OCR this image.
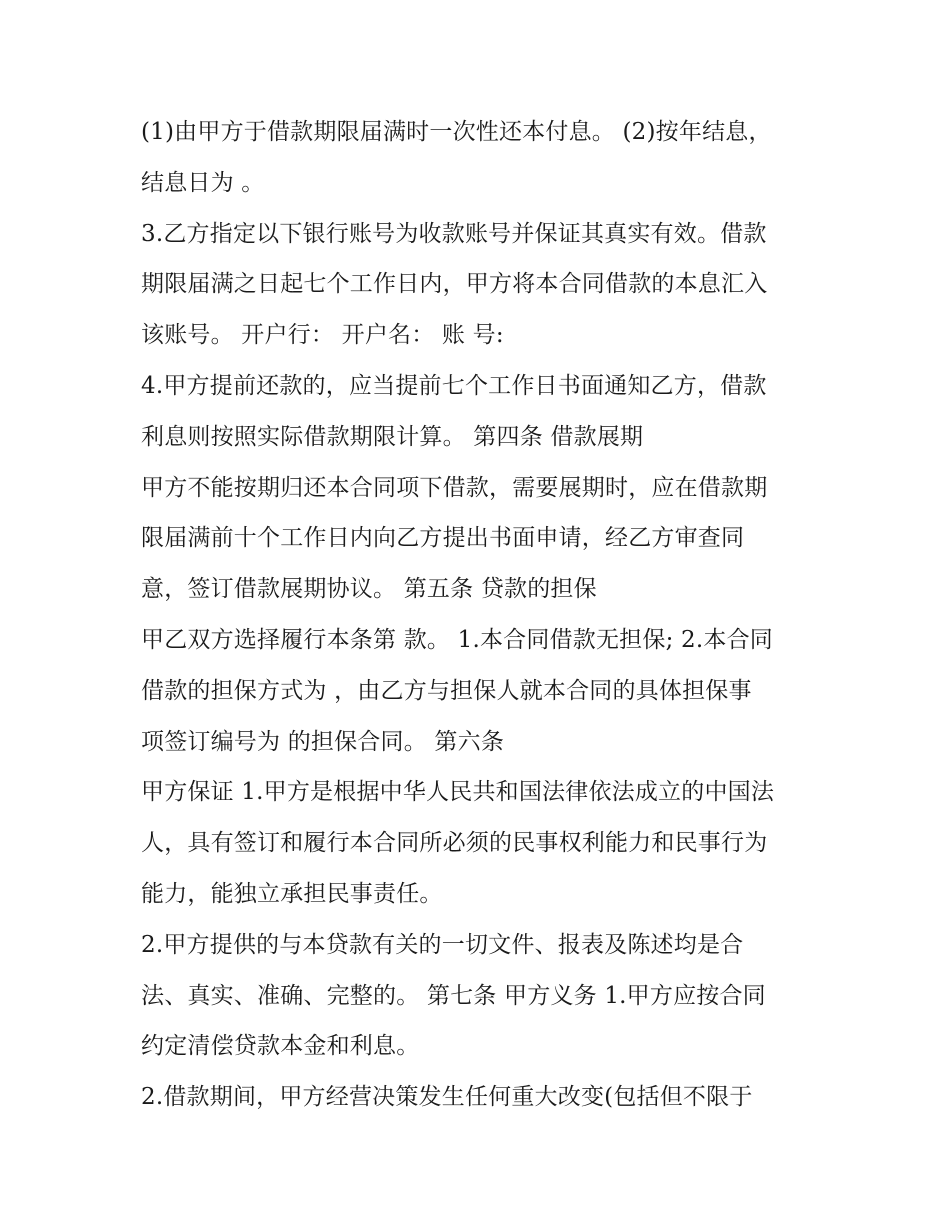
(1)由甲方于借款期限届满时一次性还本付息。 (2)按年结息，
结息日为 。
3.乙方指定以下银行账号为收款账号并保证其真实有效。借款
期限届满之日起七个工作日内，甲方将本合同借款的本息汇入
该账号。 开户行： 开户名： 账 号:
4.甲方提前还款的，应当提前七个工作日书面通知乙方，借款
利息则按照实际借款期限计算。 第四条 借款展期
甲方不能按期归还本合同项下借款，需要展期时，应在借款期
限届满前十个工作日内向乙方提出书面申请，经乙方审查同
意，签订借款展期协议。 第五条 贷款的担保
甲乙双方选择履行本条第 款。 1.本合同借款无担保; 2.本合同
借款的担保方式为 ，由乙方与担保人就本合同的具体担保事
项签订编号为 的担保合同。 第六条
甲方保证 1.甲方是根据中华人民共和国法律依法成立的中国法
人，具有签订和履行本合同所必须的民事权利能力和民事行为
能力，能独立承担民事责任。
2.甲方提供的与本贷款有关的一切文件、报表及陈述均是合
法、真实、准确、完整的。 第七条 甲方义务 1.甲方应按合同
约定清偿贷款本金和利息。
2.借款期间，甲方经营决策发生任何重大改变(包括但不限于
